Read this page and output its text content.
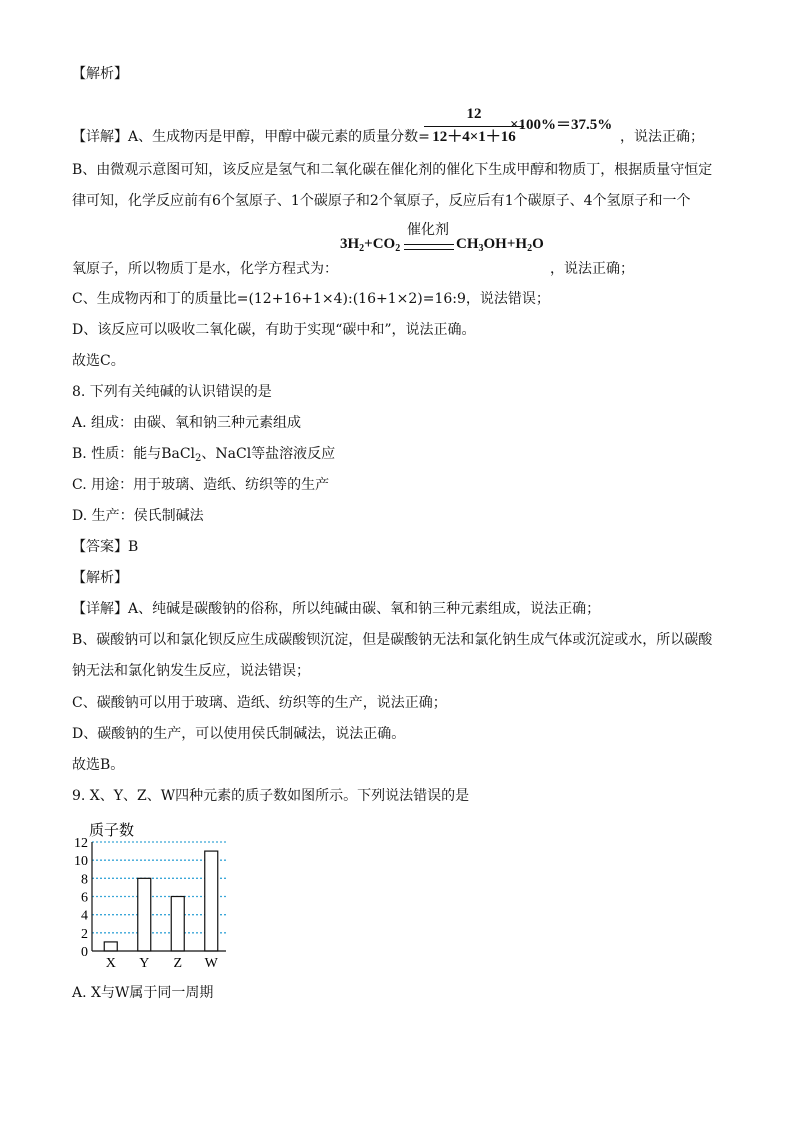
【解析】
【详解】A、生成物丙是甲醇，甲醇中碳元素的质量分数=
12
12＋4×1＋16
×100%＝37.5%
，说法正确；
B、由微观示意图可知，该反应是氢气和二氧化碳在催化剂的催化下生成甲醇和物质丁，根据质量守恒定
律可知，化学反应前有6个氢原子、1个碳原子和2个氧原子，反应后有1个碳原子、4个氢原子和一个
催化剂
$3H_2+CO_2$	$CH_3OH+H_2O$
氧原子，所以物质丁是水，化学方程式为：	，说法正确；
C、生成物丙和丁的质量比=(12+16+1×4):(16+1×2)=16:9，说法错误；
D、该反应可以吸收二氧化碳，有助于实现“碳中和”，说法正确。
故选C。
8. 下列有关纯碱的认识错误的是
A. 组成：由碳、氧和钠三种元素组成
B. 性质：能与BaCl$_2$、NaCl等盐溶液反应
C. 用途：用于玻璃、造纸、纺织等的生产
D. 生产：侯氏制碱法
【答案】B
【解析】
【详解】A、纯碱是碳酸钠的俗称，所以纯碱由碳、氧和钠三种元素组成，说法正确；
B、碳酸钠可以和氯化钡反应生成碳酸钡沉淀，但是碳酸钠无法和氯化钠生成气体或沉淀或水，所以碳酸
钠无法和氯化钠发生反应，说法错误；
C、碳酸钠可以用于玻璃、造纸、纺织等的生产，说法正确；
D、碳酸钠的生产，可以使用侯氏制碱法，说法正确。
故选B。
9. X、Y、Z、W四种元素的质子数如图所示。下列说法错误的是
质子数
0
2
4
6
8
10
12
X Y Z W
A. X与W属于同一周期
